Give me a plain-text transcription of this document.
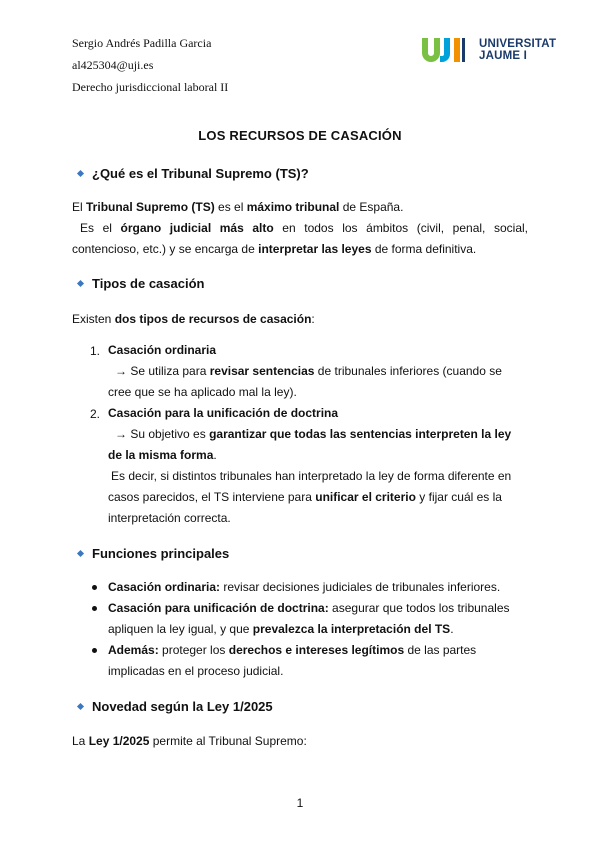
Sergio Andrés Padilla Garcia
al425304@uji.es
Derecho jurisdiccional laboral II
UNIVERSITAT
JAUME I
LOS RECURSOS DE CASACIÓN
¿Qué es el Tribunal Supremo (TS)?
El Tribunal Supremo (TS) es el máximo tribunal de España.
Es el órgano judicial más alto en todos los ámbitos (civil, penal, social, contencioso, etc.) y se encarga de interpretar las leyes de forma definitiva.
Tipos de casación
Existen dos tipos de recursos de casación:
1. Casación ordinaria
→ Se utiliza para revisar sentencias de tribunales inferiores (cuando se cree que se ha aplicado mal la ley).
2. Casación para la unificación de doctrina
→ Su objetivo es garantizar que todas las sentencias interpreten la ley de la misma forma.
Es decir, si distintos tribunales han interpretado la ley de forma diferente en casos parecidos, el TS interviene para unificar el criterio y fijar cuál es la interpretación correcta.
Funciones principales
Casación ordinaria: revisar decisiones judiciales de tribunales inferiores.
Casación para unificación de doctrina: asegurar que todos los tribunales apliquen la ley igual, y que prevalezca la interpretación del TS.
Además: proteger los derechos e intereses legítimos de las partes implicadas en el proceso judicial.
Novedad según la Ley 1/2025
La Ley 1/2025 permite al Tribunal Supremo:
1
